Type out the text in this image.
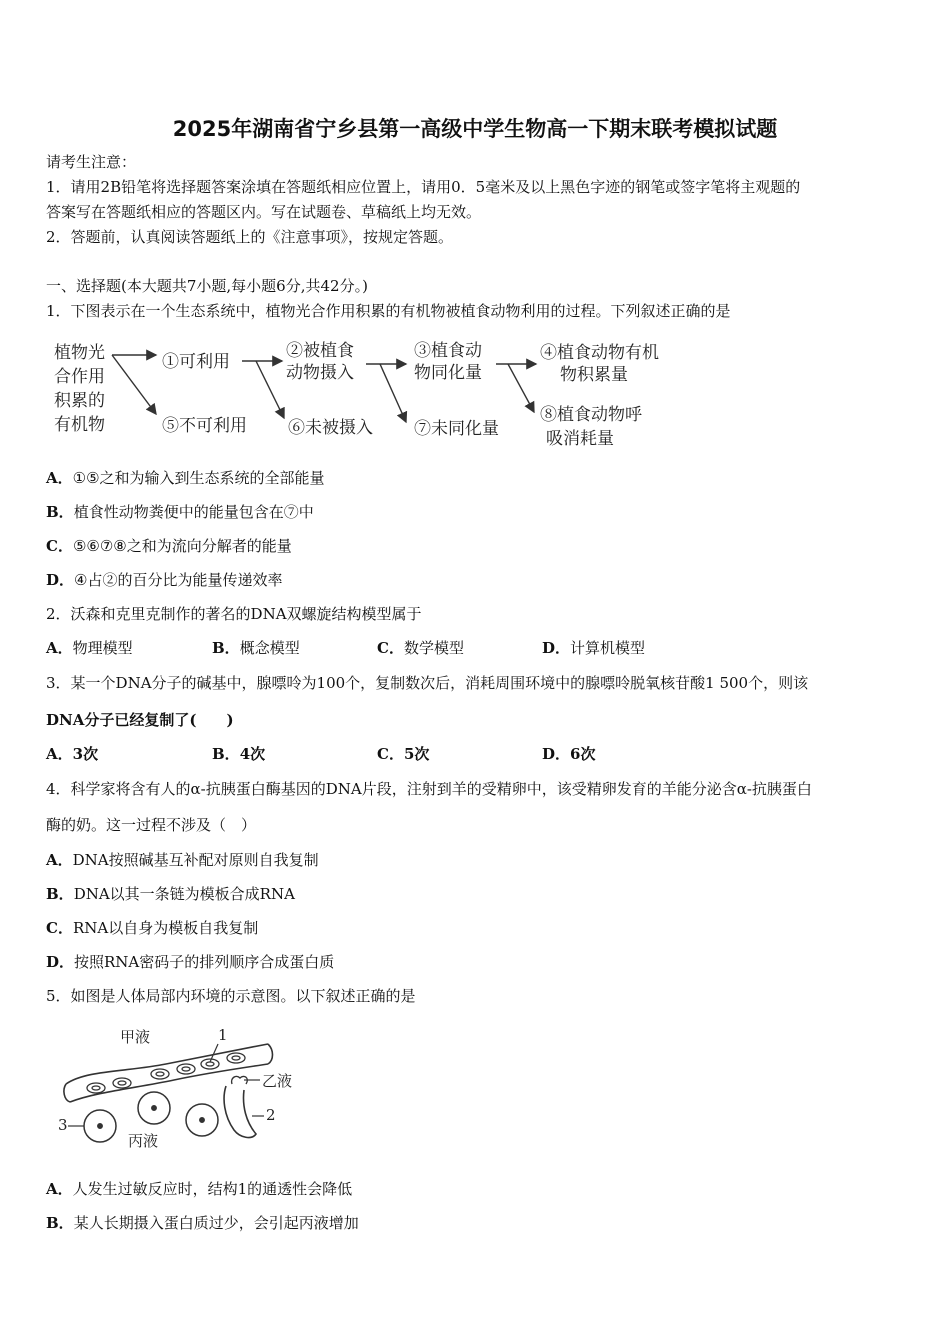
2025年湖南省宁乡县第一高级中学生物高一下期末联考模拟试题
请考生注意：
1．请用2B铅笔将选择题答案涂填在答题纸相应位置上，请用0．5毫米及以上黑色字迹的钢笔或签字笔将主观题的
答案写在答题纸相应的答题区内。写在试题卷、草稿纸上均无效。
2．答题前，认真阅读答题纸上的《注意事项》，按规定答题。
一、选择题(本大题共7小题,每小题6分,共42分。)
1．下图表示在一个生态系统中，植物光合作用积累的有机物被植食动物利用的过程。下列叙述正确的是
植物光
合作用
积累的
有机物
①可利用
⑤不可利用
②被植食
动物摄入
⑥未被摄入
③植食动
物同化量
⑦未同化量
④植食动物有机
物积累量
⑧植食动物呼
吸消耗量
A．①⑤之和为输入到生态系统的全部能量
B．植食性动物粪便中的能量包含在⑦中
C．⑤⑥⑦⑧之和为流向分解者的能量
D．④占②的百分比为能量传递效率
2．沃森和克里克制作的著名的DNA双螺旋结构模型属于
A．物理模型	B．概念模型	C．数学模型	D．计算机模型
3．某一个DNA分子的碱基中，腺嘌呤为100个，复制数次后，消耗周围环境中的腺嘌呤脱氧核苷酸1 500个，则该
DNA分子已经复制了(　　)
A．3次	B．4次	C．5次	D．6次
4．科学家将含有人的α-抗胰蛋白酶基因的DNA片段，注射到羊的受精卵中，该受精卵发育的羊能分泌含α-抗胰蛋白
酶的奶。这一过程不涉及（　）
A．DNA按照碱基互补配对原则自我复制
B．DNA以其一条链为模板合成RNA
C．RNA以自身为模板自我复制
D．按照RNA密码子的排列顺序合成蛋白质
5．如图是人体局部内环境的示意图。以下叙述正确的是
甲液	1
乙液
2
3
丙液
A．人发生过敏反应时，结构1的通透性会降低
B．某人长期摄入蛋白质过少，会引起丙液增加
